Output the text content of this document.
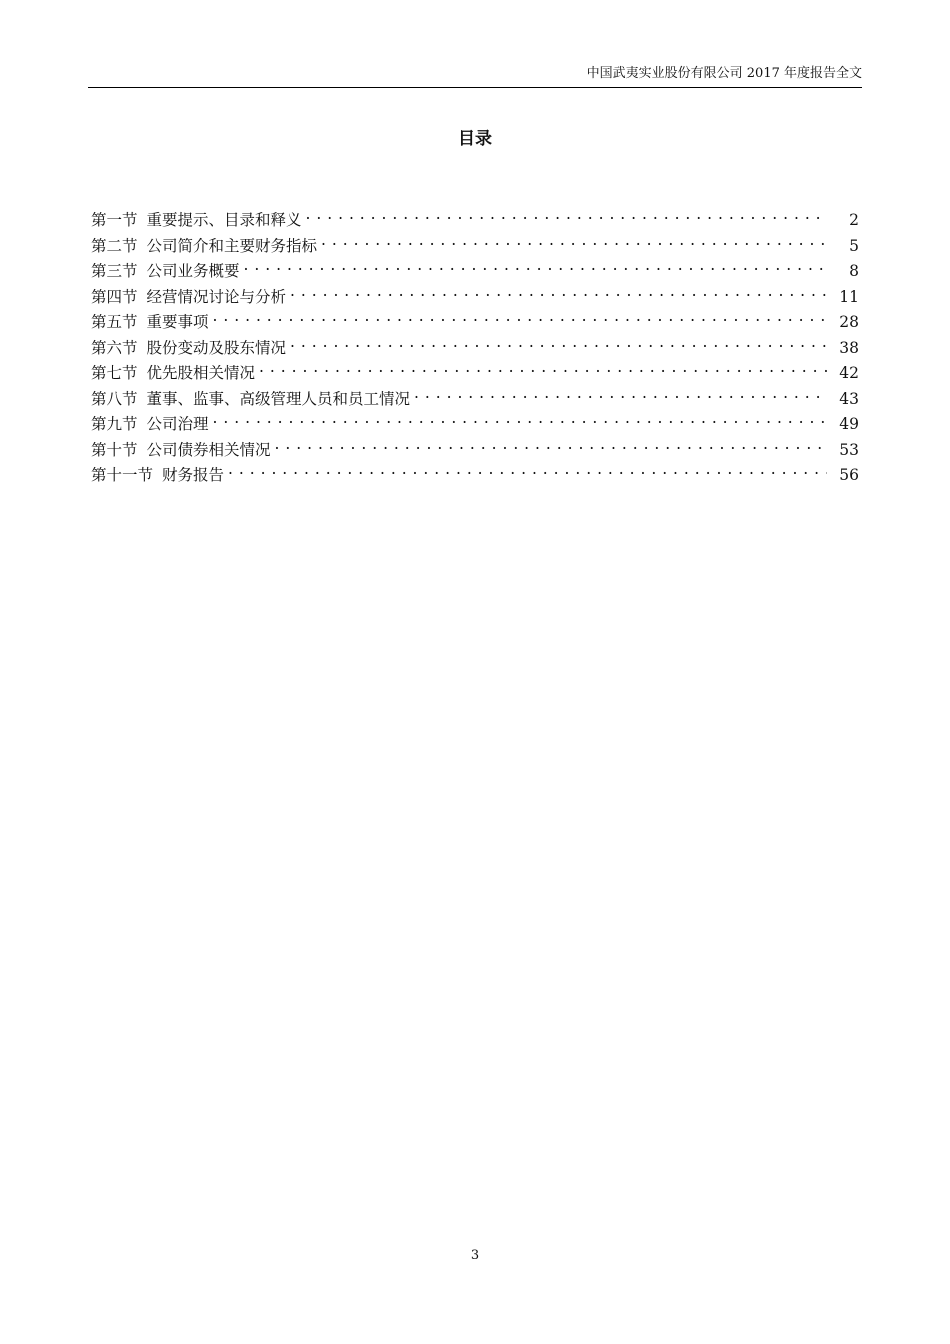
中国武夷实业股份有限公司 2017 年度报告全文
目录
第一节 重要提示、目录和释义 . . .	2
第二节 公司简介和主要财务指标 . . .	5
第三节 公司业务概要 . . .	8
第四节 经营情况讨论与分析 . . .	11
第五节 重要事项 . . .	28
第六节 股份变动及股东情况 . . .	38
第七节 优先股相关情况 . . .	42
第八节 董事、监事、高级管理人员和员工情况 . . .	43
第九节 公司治理 . . .	49
第十节 公司债券相关情况 . . .	53
第十一节 财务报告 . . .	56
3
